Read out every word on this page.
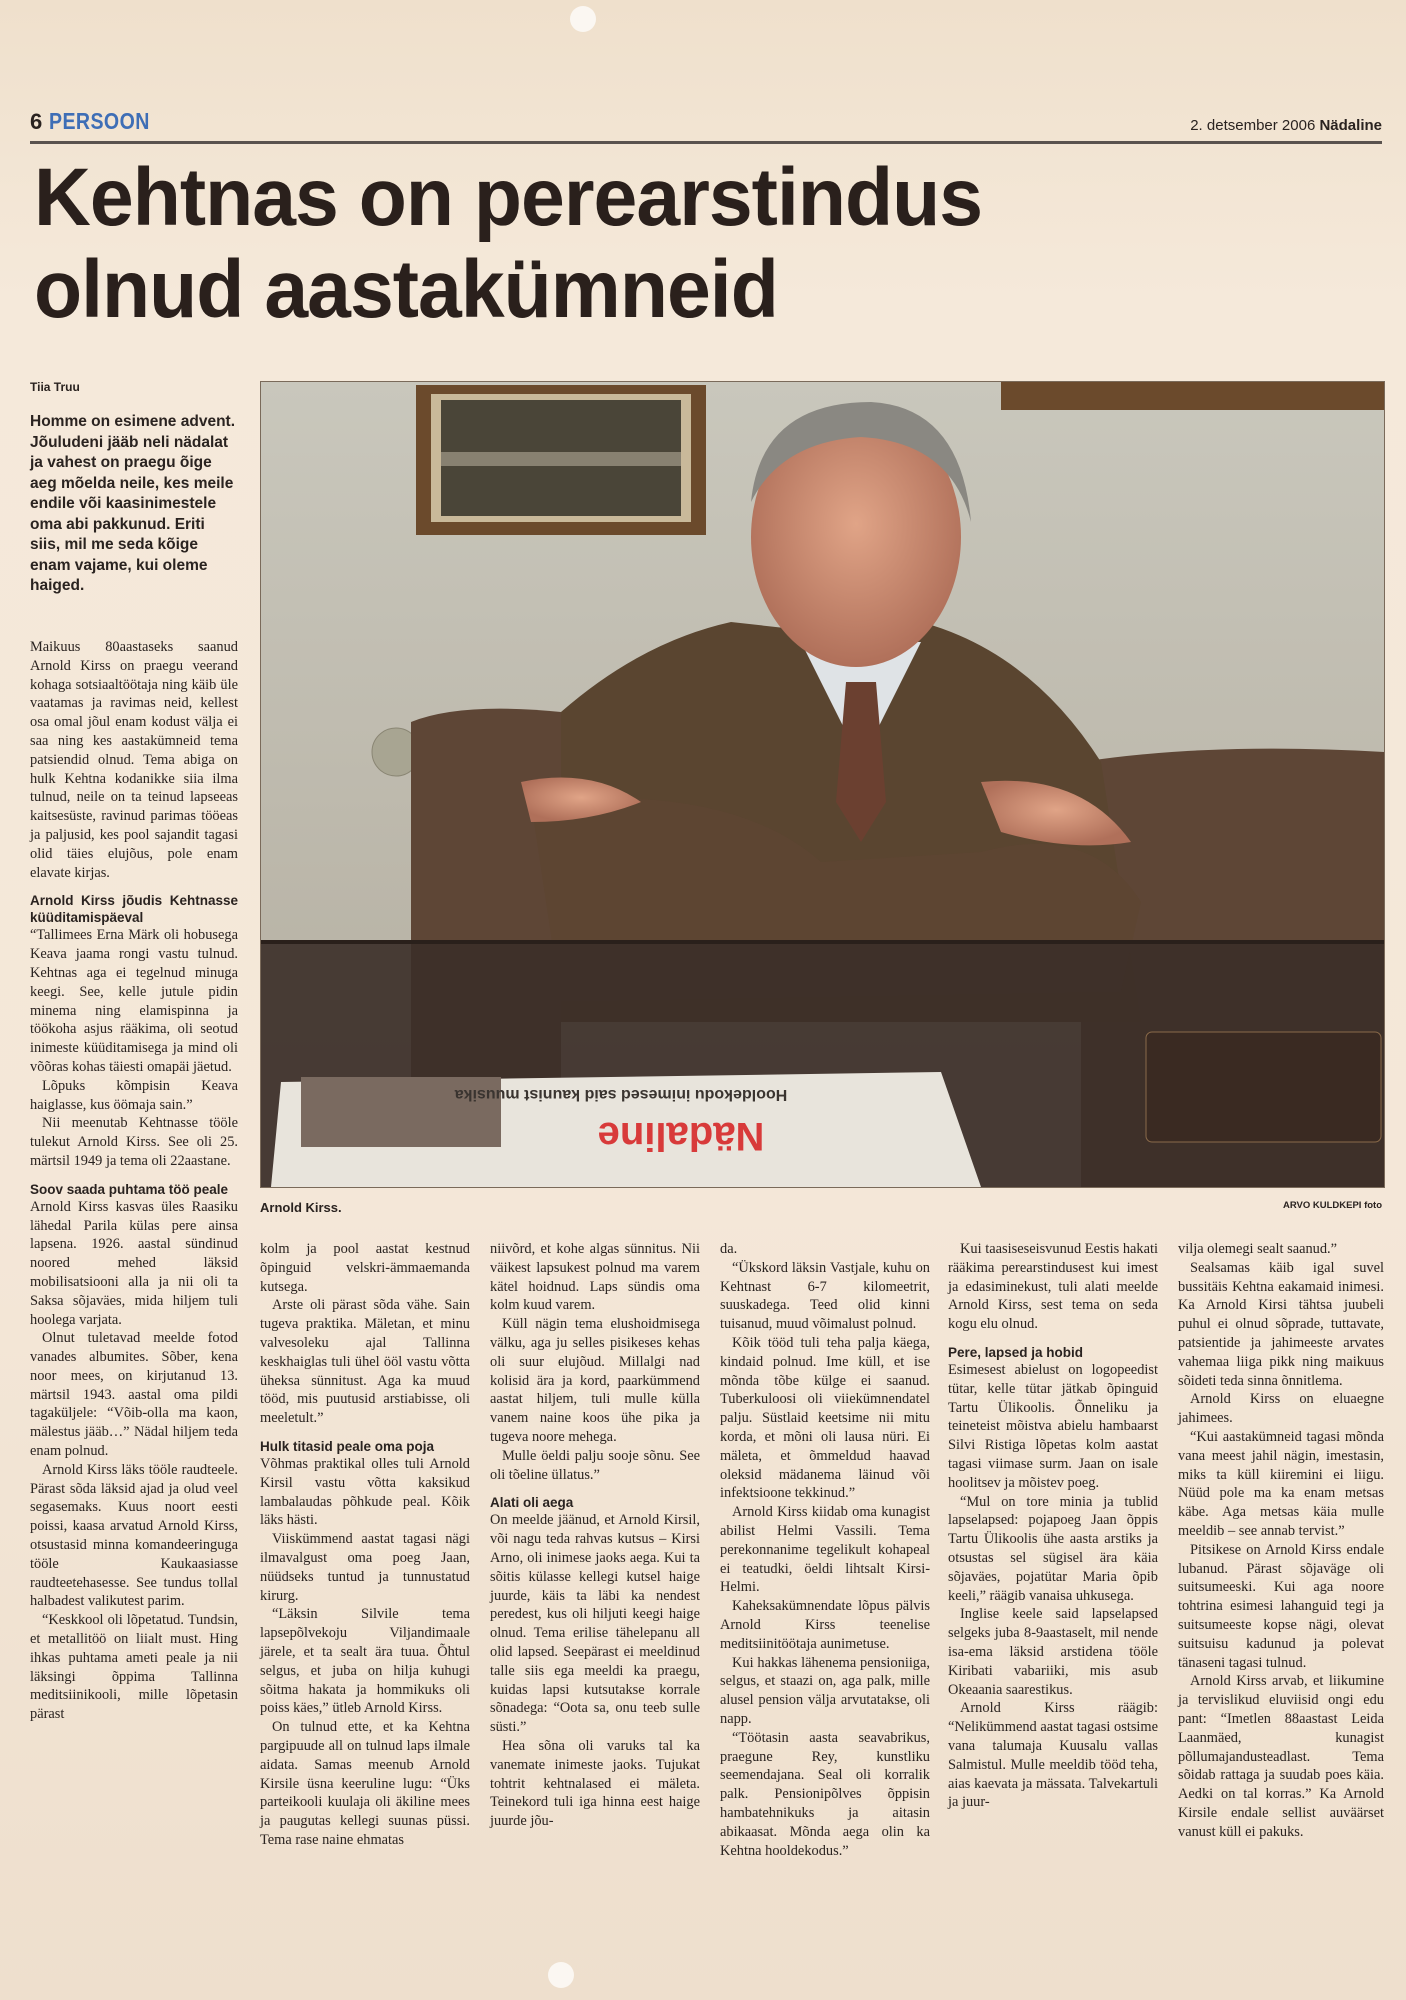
6 PERSOON	2. detsember 2006 Nädaline
Kehtnas on perearstindus
olnud aastakümneid
Tiia Truu
Homme on esimene advent. Jõuludeni jääb neli nädalat ja vahest on praegu õige aeg mõelda neile, kes meile endile või kaasinimestele oma abi pakkunud. Eriti siis, mil me seda kõige enam vajame, kui oleme haiged.
Nädaline
Hooldekodu inimesed said kaunist muusika
Arnold Kirss.	ARVO KULDKEPI foto

Maikuus 80aastaseks saanud Arnold Kirss on praegu veerand kohaga sotsiaaltöötaja ning käib üle vaatamas ja ravimas neid, kellest osa omal jõul enam kodust välja ei saa ning kes aastakümneid tema patsiendid olnud. Tema abiga on hulk Kehtna kodanikke siia ilma tulnud, neile on ta teinud lapseeas kaitsesüste, ravinud parimas tööeas ja paljusid, kes pool sajandit tagasi olid täies elujõus, pole enam elavate kirjas.

Arnold Kirss jõudis Kehtnasse küüditamispäeval

“Tallimees Erna Märk oli hobusega Keava jaama rongi vastu tulnud. Kehtnas aga ei tegelnud minuga keegi. See, kelle jutule pidin minema ning elamispinna ja töökoha asjus rääkima, oli seotud inimeste küüditamisega ja mind oli võõras kohas täiesti omapäi jäetud.

Lõpuks kõmpisin Keava haiglasse, kus öömaja sain.”

Nii meenutab Kehtnasse tööle tulekut Arnold Kirss. See oli 25. märtsil 1949 ja tema oli 22aastane.

Soov saada puhtama töö peale

Arnold Kirss kasvas üles Raasiku lähedal Parila külas pere ainsa lapsena. 1926. aastal sündinud noored mehed läksid mobilisatsiooni alla ja nii oli ta Saksa sõjaväes, mida hiljem tuli hoolega varjata.

Olnut tuletavad meelde fotod vanades albumites. Sõber, kena noor mees, on kirjutanud 13. märtsil 1943. aastal oma pildi tagaküljele: “Võib-olla ma kaon, mälestus jääb…” Nädal hiljem teda enam polnud.

Arnold Kirss läks tööle raudteele. Pärast sõda läksid ajad ja olud veel segasemaks. Kuus noort eesti poissi, kaasa arvatud Arnold Kirss, otsustasid minna komandeeringuga tööle Kaukaasiasse raudteetehasesse. See tundus tollal halbadest valikutest parim.

“Keskkool oli lõpetatud. Tundsin, et metallitöö on liialt must. Hing ihkas puhtama ameti peale ja nii läksingi õppima Tallinna meditsiinikooli, mille lõpetasin pärast

kolm ja pool aastat kestnud õpinguid velskri-ämmaemanda kutsega.

Arste oli pärast sõda vähe. Sain tugeva praktika. Mäletan, et minu valvesoleku ajal Tallinna keskhaiglas tuli ühel ööl vastu võtta üheksa sünnitust. Aga ka muud tööd, mis puutusid arstiabisse, oli meeletult.”

Hulk titasid peale oma poja

Võhmas praktikal olles tuli Arnold Kirsil vastu võtta kaksikud lambalaudas põhkude peal. Kõik läks hästi.

Viiskümmend aastat tagasi nägi ilmavalgust oma poeg Jaan, nüüdseks tuntud ja tunnustatud kirurg.

“Läksin Silvile tema lapsepõlvekoju Viljandimaale järele, et ta sealt ära tuua. Õhtul selgus, et juba on hilja kuhugi sõitma hakata ja hommikuks oli poiss käes,” ütleb Arnold Kirss.

On tulnud ette, et ka Kehtna pargipuude all on tulnud laps ilmale aidata. Samas meenub Arnold Kirsile üsna keeruline lugu: “Üks parteikooli kuulaja oli äkiline mees ja paugutas kellegi suunas püssi. Tema rase naine ehmatas

niivõrd, et kohe algas sünnitus. Nii väikest lapsukest polnud ma varem kätel hoidnud. Laps sündis oma kolm kuud varem.

Küll nägin tema elushoidmisega välku, aga ju selles pisikeses kehas oli suur elujõud. Millalgi nad kolisid ära ja kord, paarkümmend aastat hiljem, tuli mulle külla vanem naine koos ühe pika ja tugeva noore mehega.

Mulle öeldi palju sooje sõnu. See oli tõeline üllatus.”

Alati oli aega

On meelde jäänud, et Arnold Kirsil, või nagu teda rahvas kutsus – Kirsi Arno, oli inimese jaoks aega. Kui ta sõitis külasse kellegi kutsel haige juurde, käis ta läbi ka nendest peredest, kus oli hiljuti keegi haige olnud. Tema erilise tähelepanu all olid lapsed. Seepärast ei meeldinud talle siis ega meeldi ka praegu, kuidas lapsi kutsutakse korrale sõnadega: “Oota sa, onu teeb sulle süsti.”

Hea sõna oli varuks tal ka vanemate inimeste jaoks. Tujukat tohtrit kehtnalased ei mäleta. Teinekord tuli iga hinna eest haige juurde jõu-

da.

“Ükskord läksin Vastjale, kuhu on Kehtnast 6-7 kilomeetrit, suuskadega. Teed olid kinni tuisanud, muud võimalust polnud.

Kõik tööd tuli teha palja käega, kindaid polnud. Ime küll, et ise mõnda tõbe külge ei saanud. Tuberkuloosi oli viiekümnendatel palju. Süstlaid keetsime nii mitu korda, et mõni oli lausa nüri. Ei mäleta, et õmmeldud haavad oleksid mädanema läinud või infektsioone tekkinud.”

Arnold Kirss kiidab oma kunagist abilist Helmi Vassili. Tema perekonnanime tegelikult kohapeal ei teatudki, öeldi lihtsalt Kirsi-Helmi.

Kaheksakümnendate lõpus pälvis Arnold Kirss teenelise meditsiinitöötaja aunimetuse.

Kui hakkas lähenema pensioniiga, selgus, et staazi on, aga palk, mille alusel pension välja arvutatakse, oli napp.

“Töötasin aasta seavabrikus, praegune Rey, kunstliku seemendajana. Seal oli korralik palk. Pensionipõlves õppisin hambatehnikuks ja aitasin abikaasat. Mõnda aega olin ka Kehtna hooldekodus.”

Kui taasiseseisvunud Eestis hakati rääkima perearstindusest kui imest ja edasiminekust, tuli alati meelde Arnold Kirss, sest tema on seda kogu elu olnud.

Pere, lapsed ja hobid

Esimesest abielust on logopeedist tütar, kelle tütar jätkab õpinguid Tartu Ülikoolis. Õnneliku ja teineteist mõistva abielu hambaarst Silvi Ristiga lõpetas kolm aastat tagasi viimase surm. Jaan on isale hoolitsev ja mõistev poeg.

“Mul on tore minia ja tublid lapselapsed: pojapoeg Jaan õppis Tartu Ülikoolis ühe aasta arstiks ja otsustas sel sügisel ära käia sõjaväes, pojatütar Maria õpib keeli,” räägib vanaisa uhkusega.

Inglise keele said lapselapsed selgeks juba 8-9aastaselt, mil nende isa-ema läksid arstidena tööle Kiribati vabariiki, mis asub Okeaania saarestikus.

Arnold Kirss räägib: “Nelikümmend aastat tagasi ostsime vana talumaja Kuusalu vallas Salmistul. Mulle meeldib tööd teha, aias kaevata ja mässata. Talvekartuli ja juur-

vilja olemegi sealt saanud.”

Sealsamas käib igal suvel bussitäis Kehtna eakamaid inimesi. Ka Arnold Kirsi tähtsa juubeli puhul ei olnud sõprade, tuttavate, patsientide ja jahimeeste arvates vahemaa liiga pikk ning maikuus sõideti teda sinna õnnitlema.

Arnold Kirss on eluaegne jahimees.

“Kui aastakümneid tagasi mõnda vana meest jahil nägin, imestasin, miks ta küll kiiremini ei liigu. Nüüd pole ma ka enam metsas käbe. Aga metsas käia mulle meeldib – see annab tervist.”

Pitsikese on Arnold Kirss endale lubanud. Pärast sõjaväge oli suitsumeeski. Kui aga noore tohtrina esimesi lahanguid tegi ja suitsumeeste kopse nägi, olevat suitsuisu kadunud ja polevat tänaseni tagasi tulnud.

Arnold Kirss arvab, et liikumine ja tervislikud eluviisid ongi edu pant: “Imetlen 88aastast Leida Laanmäed, kunagist põllumajandusteadlast. Tema sõidab rattaga ja suudab poes käia. Aedki on tal korras.” Ka Arnold Kirsile endale sellist auväärset vanust küll ei pakuks.
